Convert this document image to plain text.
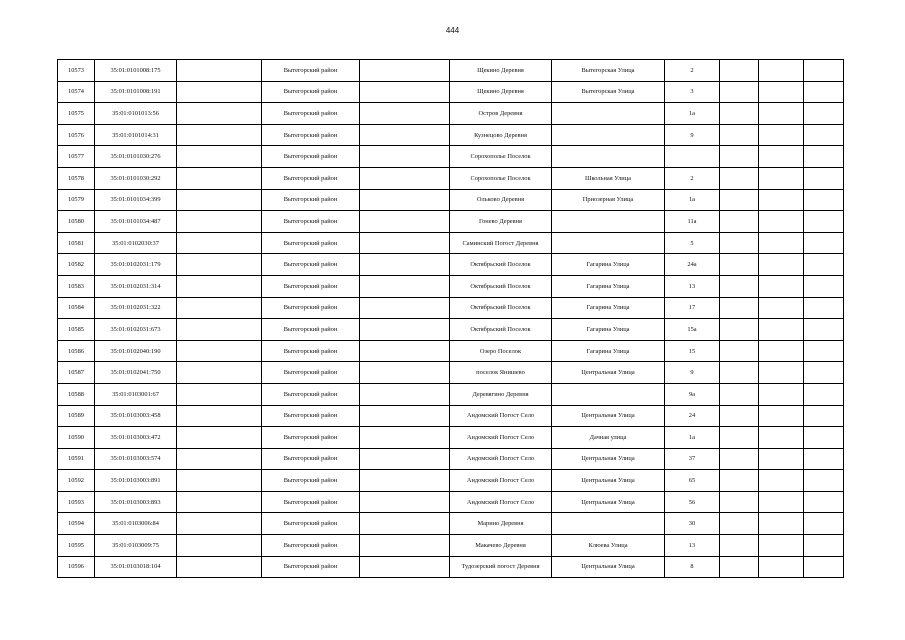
444
10573	35:01:0101008:175		Вытегорский район		Щекино Деревня	Вытегорская Улица	2			
10574	35:01:0101008:191		Вытегорский район		Щекино Деревня	Вытегорская Улица	3			
10575	35:01:0101013:56		Вытегорский район		Остров Деревня		1а			
10576	35:01:0101014:31		Вытегорский район		Кузнецово Деревня		9			
10577	35:01:0101030:276		Вытегорский район		Сорохополье Поселок					
10578	35:01:0101030:292		Вытегорский район		Сорохополье Поселок	Школьная Улица	2			
10579	35:01:0101034:399		Вытегорский район		Ольково Деревня	Приозерная Улица	1а			
10580	35:01:0101034:487		Вытегорский район		Гонево Деревня		11а			
10581	35:01:0102030:37		Вытегорский район		Саминский Погост Деревня		5			
10582	35:01:0102031:179		Вытегорский район		Октябрьский Поселок	Гагарина Улица	24а			
10583	35:01:0102031:314		Вытегорский район		Октябрьский Поселок	Гагарина Улица	13			
10584	35:01:0102031:322		Вытегорский район		Октябрьский Поселок	Гагарина Улица	17			
10585	35:01:0102031:673		Вытегорский район		Октябрьский Поселок	Гагарина Улица	15а			
10586	35:01:0102040:190		Вытегорский район		Озеро Поселок	Гагарина Улица	15			
10587	35:01:0102041:750		Вытегорский район		поселок Янишево	Центральная Улица	9			
10588	35:01:0103001:67		Вытегорский район		Деревягино Деревня		9а			
10589	35:01:0103003:458		Вытегорский район		Андомский Погост Село	Центральная Улица	24			
10590	35:01:0103003:472		Вытегорский район		Андомский Погост Село	Дачная улица	1а			
10591	35:01:0103003:574		Вытегорский район		Андомский Погост Село	Центральная Улица	37			
10592	35:01:0103003:891		Вытегорский район		Андомский Погост Село	Центральная Улица	65			
10593	35:01:0103003:893		Вытегорский район		Андомский Погост Село	Центральная Улица	56			
10594	35:01:0103006:84		Вытегорский район		Марино Деревня		30			
10595	35:01:0103009:75		Вытегорский район		Макачево Деревня	Клюева Улица	13			
10596	35:01:0103018:104		Вытегорский район		Тудозерский погост Деревня	Центральная Улица	8			
